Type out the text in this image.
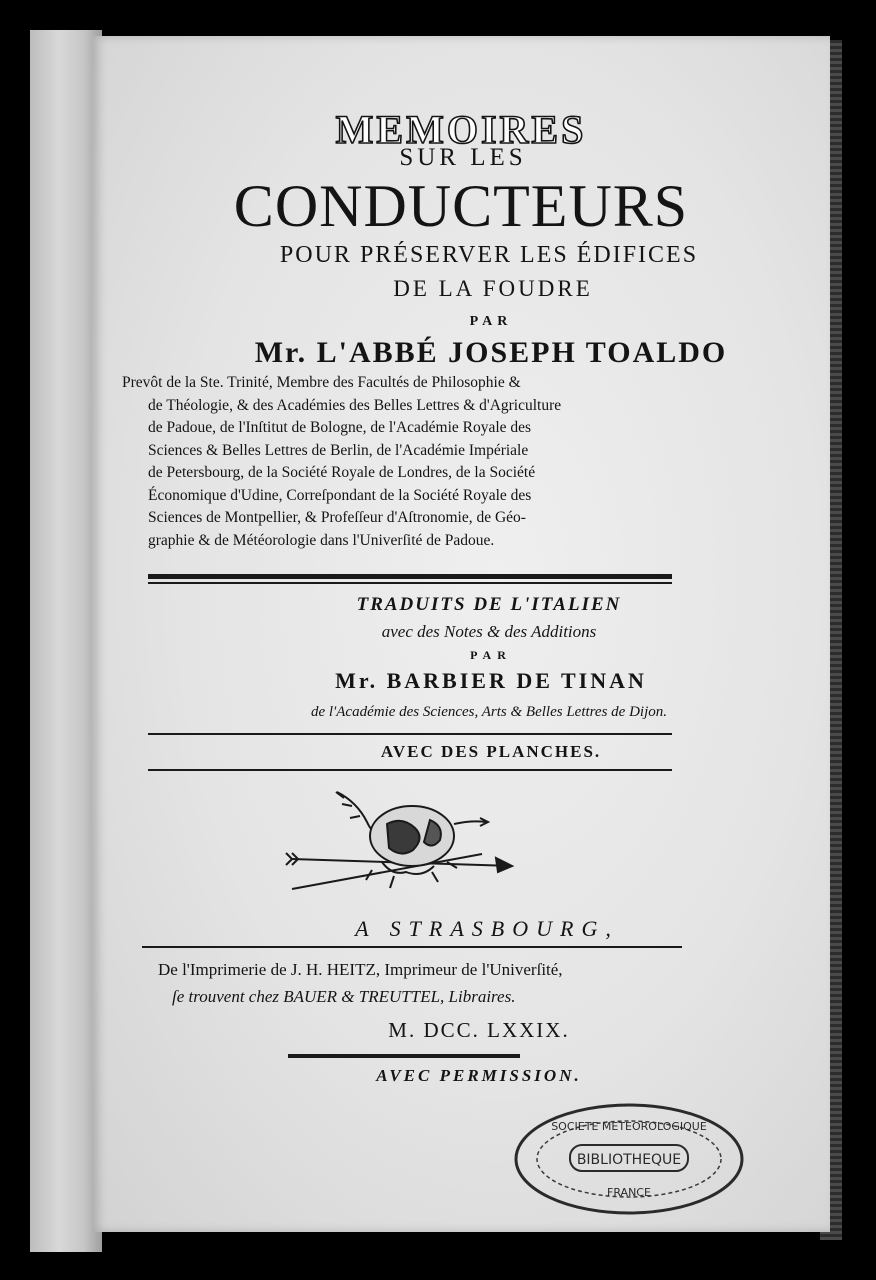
MEMOIRES
SUR LES
CONDUCTEURS
POUR PRÉSERVER LES ÉDIFICES
DE LA FOUDRE
PAR
Mr. L'ABBÉ JOSEPH TOALDO
Prevôt de la Ste. Trinité, Membre des Facultés de Philosophie &
de Théologie, & des Académies des Belles Lettres & d'Agriculture
de Padoue, de l'Inſtitut de Bologne, de l'Académie Royale des
Sciences & Belles Lettres de Berlin, de l'Académie Impériale
de Petersbourg, de la Société Royale de Londres, de la Société
Économique d'Udine, Correſpondant de la Société Royale des
Sciences de Montpellier, & Profeſſeur d'Aſtronomie, de Géo-
graphie & de Météorologie dans l'Univerſité de Padoue.
TRADUITS DE L'ITALIEN
avec des Notes & des Additions
PAR
Mr. BARBIER DE TINAN
de l'Académie des Sciences, Arts & Belles Lettres de Dijon.
AVEC DES PLANCHES.
A STRASBOURG,
De l'Imprimerie de J. H. HEITZ, Imprimeur de l'Univerſité,
ſe trouvent chez BAUER & TREUTTEL, Libraires.
M. DCC. LXXIX.
AVEC PERMISSION.
SOCIETE METEOROLOGIQUE
BIBLIOTHEQUE
FRANCE
